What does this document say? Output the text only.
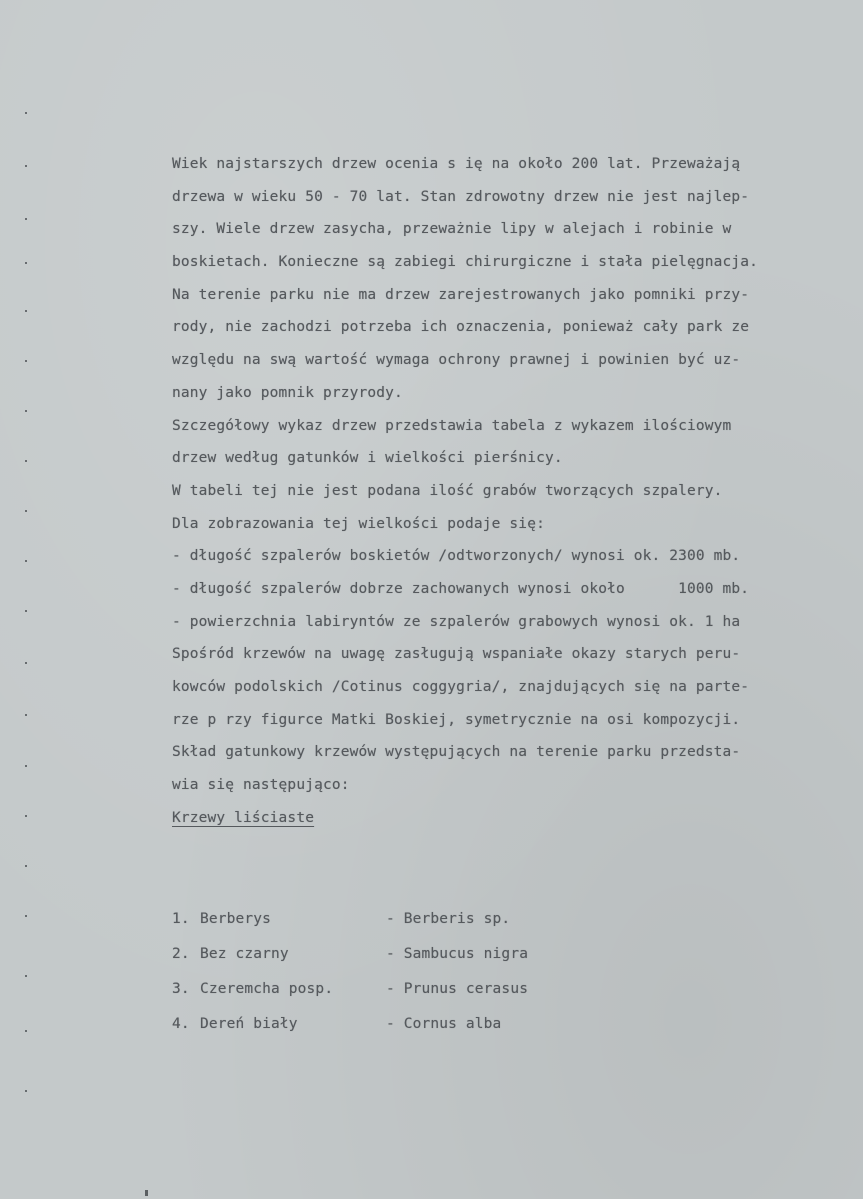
Wiek najstarszych drzew ocenia s ię na około 200 lat. Przeważają
drzewa w wieku 50 - 70 lat. Stan zdrowotny drzew nie jest najlep-
szy. Wiele drzew zasycha, przeważnie lipy w alejach i robinie w
boskietach. Konieczne są zabiegi chirurgiczne i stała pielęgnacja.
Na terenie parku nie ma drzew zarejestrowanych jako pomniki przy-
rody, nie zachodzi potrzeba ich oznaczenia, ponieważ cały park ze
względu na swą wartość wymaga ochrony prawnej i powinien być uz-
nany jako pomnik przyrody.
Szczegółowy wykaz drzew przedstawia tabela z wykazem ilościowym
drzew według gatunków i wielkości pierśnicy.
W tabeli tej nie jest podana ilość grabów tworzących szpalery.
Dla zobrazowania tej wielkości podaje się:
- długość szpalerów boskietów /odtworzonych/ wynosi ok. 2300 mb.
- długość szpalerów dobrze zachowanych wynosi około      1000 mb.
- powierzchnia labiryntów ze szpalerów grabowych wynosi ok. 1 ha
Spośród krzewów na uwagę zasługują wspaniałe okazy starych peru-
kowców podolskich /Cotinus coggygria/, znajdujących się na parte-
rze p rzy figurce Matki Boskiej, symetrycznie na osi kompozycji.
Skład gatunkowy krzewów występujących na terenie parku przedsta-
wia się następująco:
Krzewy liściaste
1. Berberys	- Berberis sp.
2. Bez czarny	- Sambucus nigra
3. Czeremcha posp.	- Prunus cerasus
4. Dereń biały	- Cornus alba
